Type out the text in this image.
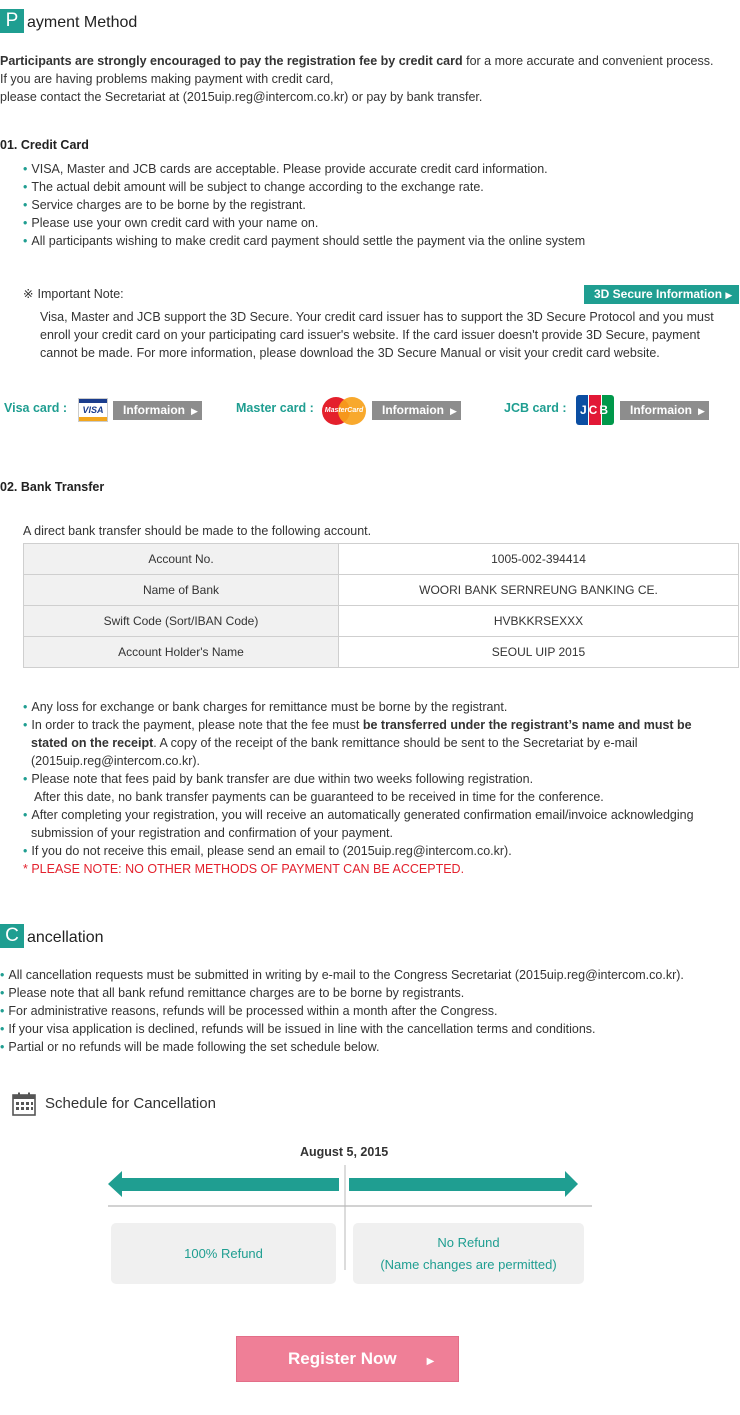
P ayment Method
Participants are strongly encouraged to pay the registration fee by credit card for a more accurate and convenient process.
If you are having problems making payment with credit card,
please contact the Secretariat at (2015uip.reg@intercom.co.kr) or pay by bank transfer.
01. Credit Card
• VISA, Master and JCB cards are acceptable. Please provide accurate credit card information.
• The actual debit amount will be subject to change according to the exchange rate.
• Service charges are to be borne by the registrant.
• Please use your own credit card with your name on.
• All participants wishing to make credit card payment should settle the payment via the online system
※ Important Note:	3D Secure Information ▶
Visa, Master and JCB support the 3D Secure. Your credit card issuer has to support the 3D Secure Protocol and you must
enroll your credit card on your participating card issuer's website. If the card issuer doesn't provide 3D Secure, payment
cannot be made. For more information, please download the 3D Secure Manual or visit your credit card website.
Visa card :	VISA	Informaion ▶	Master card :	MasterCard	Informaion ▶	JCB card :	JCB	Informaion ▶
02. Bank Transfer
A direct bank transfer should be made to the following account.
Account No.	1005-002-394414
Name of Bank	WOORI BANK SERNREUNG BANKING CE.
Swift Code (Sort/IBAN Code)	HVBKKRSEXXX
Account Holder's Name	SEOUL UIP 2015
• Any loss for exchange or bank charges for remittance must be borne by the registrant.
• In order to track the payment, please note that the fee must be transferred under the registrant’s name and must be
stated on the receipt. A copy of the receipt of the bank remittance should be sent to the Secretariat by e-mail
(2015uip.reg@intercom.co.kr).
• Please note that fees paid by bank transfer are due within two weeks following registration.
After this date, no bank transfer payments can be guaranteed to be received in time for the conference.
• After completing your registration, you will receive an automatically generated confirmation email/invoice acknowledging
submission of your registration and confirmation of your payment.
• If you do not receive this email, please send an email to (2015uip.reg@intercom.co.kr).
* PLEASE NOTE: NO OTHER METHODS OF PAYMENT CAN BE ACCEPTED.
C ancellation
• All cancellation requests must be submitted in writing by e-mail to the Congress Secretariat (2015uip.reg@intercom.co.kr).
• Please note that all bank refund remittance charges are to be borne by registrants.
• For administrative reasons, refunds will be processed within a month after the Congress.
• If your visa application is declined, refunds will be issued in line with the cancellation terms and conditions.
• Partial or no refunds will be made following the set schedule below.
Schedule for Cancellation
August 5, 2015
100% Refund
No Refund
(Name changes are permitted)
Register Now	▶
